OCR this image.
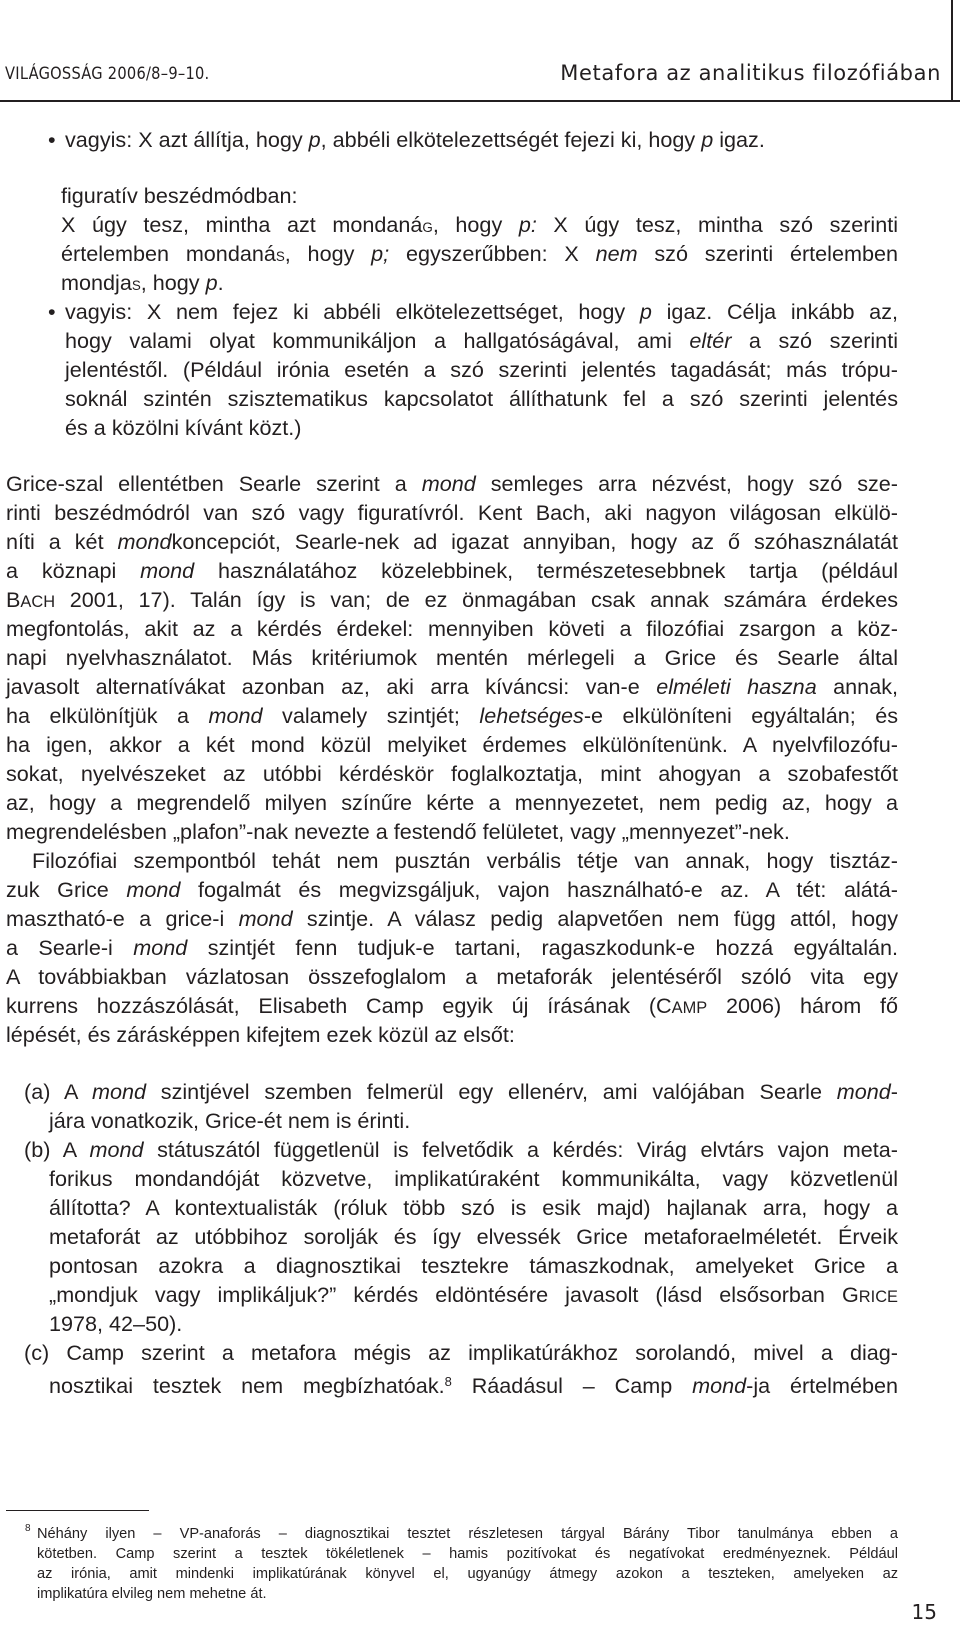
VILÁGOSSÁG 2006/8–9–10.	Metafora az analitikus filozófiában
• vagyis: X azt állítja, hogy p, abbéli elkötelezettségét fejezi ki, hogy p igaz.
figuratív beszédmódban:
X úgy tesz, mintha azt mondanáG, hogy p: X úgy tesz, mintha szó szerinti
értelemben mondanáS, hogy p; egyszerűbben: X nem szó szerinti értelemben
mondjaS, hogy p.
• vagyis: X nem fejez ki abbéli elkötelezettséget, hogy p igaz. Célja inkább az,
hogy valami olyat kommunikáljon a hallgatóságával, ami eltér a szó szerinti
jelentéstől. (Például irónia esetén a szó szerinti jelentés tagadását; más trópu-
soknál szintén szisztematikus kapcsolatot állíthatunk fel a szó szerinti jelentés
és a közölni kívánt közt.)
Grice-szal ellentétben Searle szerint a mond semleges arra nézvést, hogy szó sze-
rinti beszédmódról van szó vagy figuratívról. Kent Bach, aki nagyon világosan elkülö-
níti a két mondkoncepciót, Searle-nek ad igazat annyiban, hogy az ő szóhasználatát
a köznapi mond használatához közelebbinek, természetesebbnek tartja (például
BACH 2001, 17). Talán így is van; de ez önmagában csak annak számára érdekes
megfontolás, akit az a kérdés érdekel: mennyiben követi a filozófiai zsargon a köz-
napi nyelvhasználatot. Más kritériumok mentén mérlegeli a Grice és Searle által
javasolt alternatívákat azonban az, aki arra kíváncsi: van-e elméleti haszna annak,
ha elkülönítjük a mond valamely szintjét; lehetséges-e elkülöníteni egyáltalán; és
ha igen, akkor a két mond közül melyiket érdemes elkülönítenünk. A nyelvfilozófu-
sokat, nyelvészeket az utóbbi kérdéskör foglalkoztatja, mint ahogyan a szobafestőt
az, hogy a megrendelő milyen színűre kérte a mennyezetet, nem pedig az, hogy a
megrendelésben „plafon”-nak nevezte a festendő felületet, vagy „mennyezet”-nek.
Filozófiai szempontból tehát nem pusztán verbális tétje van annak, hogy tisztáz-
zuk Grice mond fogalmát és megvizsgáljuk, vajon használható-e az. A tét: alátá-
masztható-e a grice-i mond szintje. A válasz pedig alapvetően nem függ attól, hogy
a Searle-i mond szintjét fenn tudjuk-e tartani, ragaszkodunk-e hozzá egyáltalán.
A továbbiakban vázlatosan összefoglalom a metaforák jelentéséről szóló vita egy
kurrens hozzászólását, Elisabeth Camp egyik új írásának (CAMP 2006) három fő
lépését, és zárásképpen kifejtem ezek közül az elsőt:
(a) A mond szintjével szemben felmerül egy ellenérv, ami valójában Searle mond-
jára vonatkozik, Grice-ét nem is érinti.
(b) A mond státuszától függetlenül is felvetődik a kérdés: Virág elvtárs vajon meta-
forikus mondandóját közvetve, implikatúraként kommunikálta, vagy közvetlenül
állította? A kontextualisták (róluk több szó is esik majd) hajlanak arra, hogy a
metaforát az utóbbihoz sorolják és így elvessék Grice metaforaelméletét. Érveik
pontosan azokra a diagnosztikai tesztekre támaszkodnak, amelyeket Grice a
„mondjuk vagy implikáljuk?” kérdés eldöntésére javasolt (lásd elsősorban GRICE
1978, 42–50).
(c) Camp szerint a metafora mégis az implikatúrákhoz sorolandó, mivel a diag-
nosztikai tesztek nem megbízhatóak.$^8$ Ráadásul – Camp mond-ja értelmében
8 Néhány ilyen – VP-anaforás – diagnosztikai tesztet részletesen tárgyal Bárány Tibor tanulmánya ebben a
kötetben. Camp szerint a tesztek tökéletlenek – hamis pozitívokat és negatívokat eredményeznek. Például
az irónia, amit mindenki implikatúrának könyvel el, ugyanúgy átmegy azokon a teszteken, amelyeken az
implikatúra elvileg nem mehetne át.
15
